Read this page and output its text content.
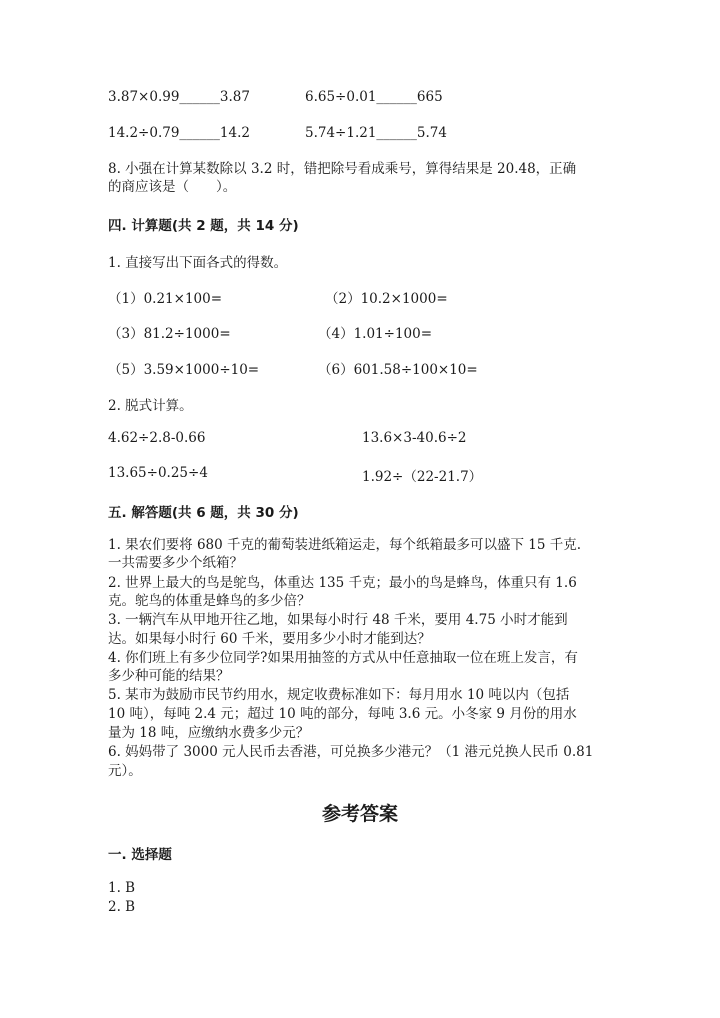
3.87×0.99______3.87	6.65÷0.01______665
14.2÷0.79______14.2	5.74÷1.21______5.74
8. 小强在计算某数除以 3.2 时，错把除号看成乘号，算得结果是 20.48，正确
的商应该是（　　）。
四. 计算题(共 2 题，共 14 分)
1. 直接写出下面各式的得数。
（1）0.21×100=	（2）10.2×1000=
（3）81.2÷1000=	（4）1.01÷100=
（5）3.59×1000÷10=	（6）601.58÷100×10=
2. 脱式计算。
4.62÷2.8-0.66	13.6×3-40.6÷2
13.65÷0.25÷4	1.92÷（22-21.7）
五. 解答题(共 6 题，共 30 分)
1. 果农们要将 680 千克的葡萄装进纸箱运走，每个纸箱最多可以盛下 15 千克.
一共需要多少个纸箱？
2. 世界上最大的鸟是鸵鸟，体重达 135 千克；最小的鸟是蜂鸟，体重只有 1.6
克。鸵鸟的体重是蜂鸟的多少倍？
3. 一辆汽车从甲地开往乙地，如果每小时行 48 千米，要用 4.75 小时才能到
达。如果每小时行 60 千米，要用多少小时才能到达？
4. 你们班上有多少位同学?如果用抽签的方式从中任意抽取一位在班上发言，有
多少种可能的结果？
5. 某市为鼓励市民节约用水，规定收费标准如下：每月用水 10 吨以内（包括
10 吨），每吨 2.4 元；超过 10 吨的部分，每吨 3.6 元。小冬家 9 月份的用水
量为 18 吨，应缴纳水费多少元？
6. 妈妈带了 3000 元人民币去香港，可兑换多少港元？（1 港元兑换人民币 0.81
元）。
参考答案
一. 选择题
1. B
2. B
